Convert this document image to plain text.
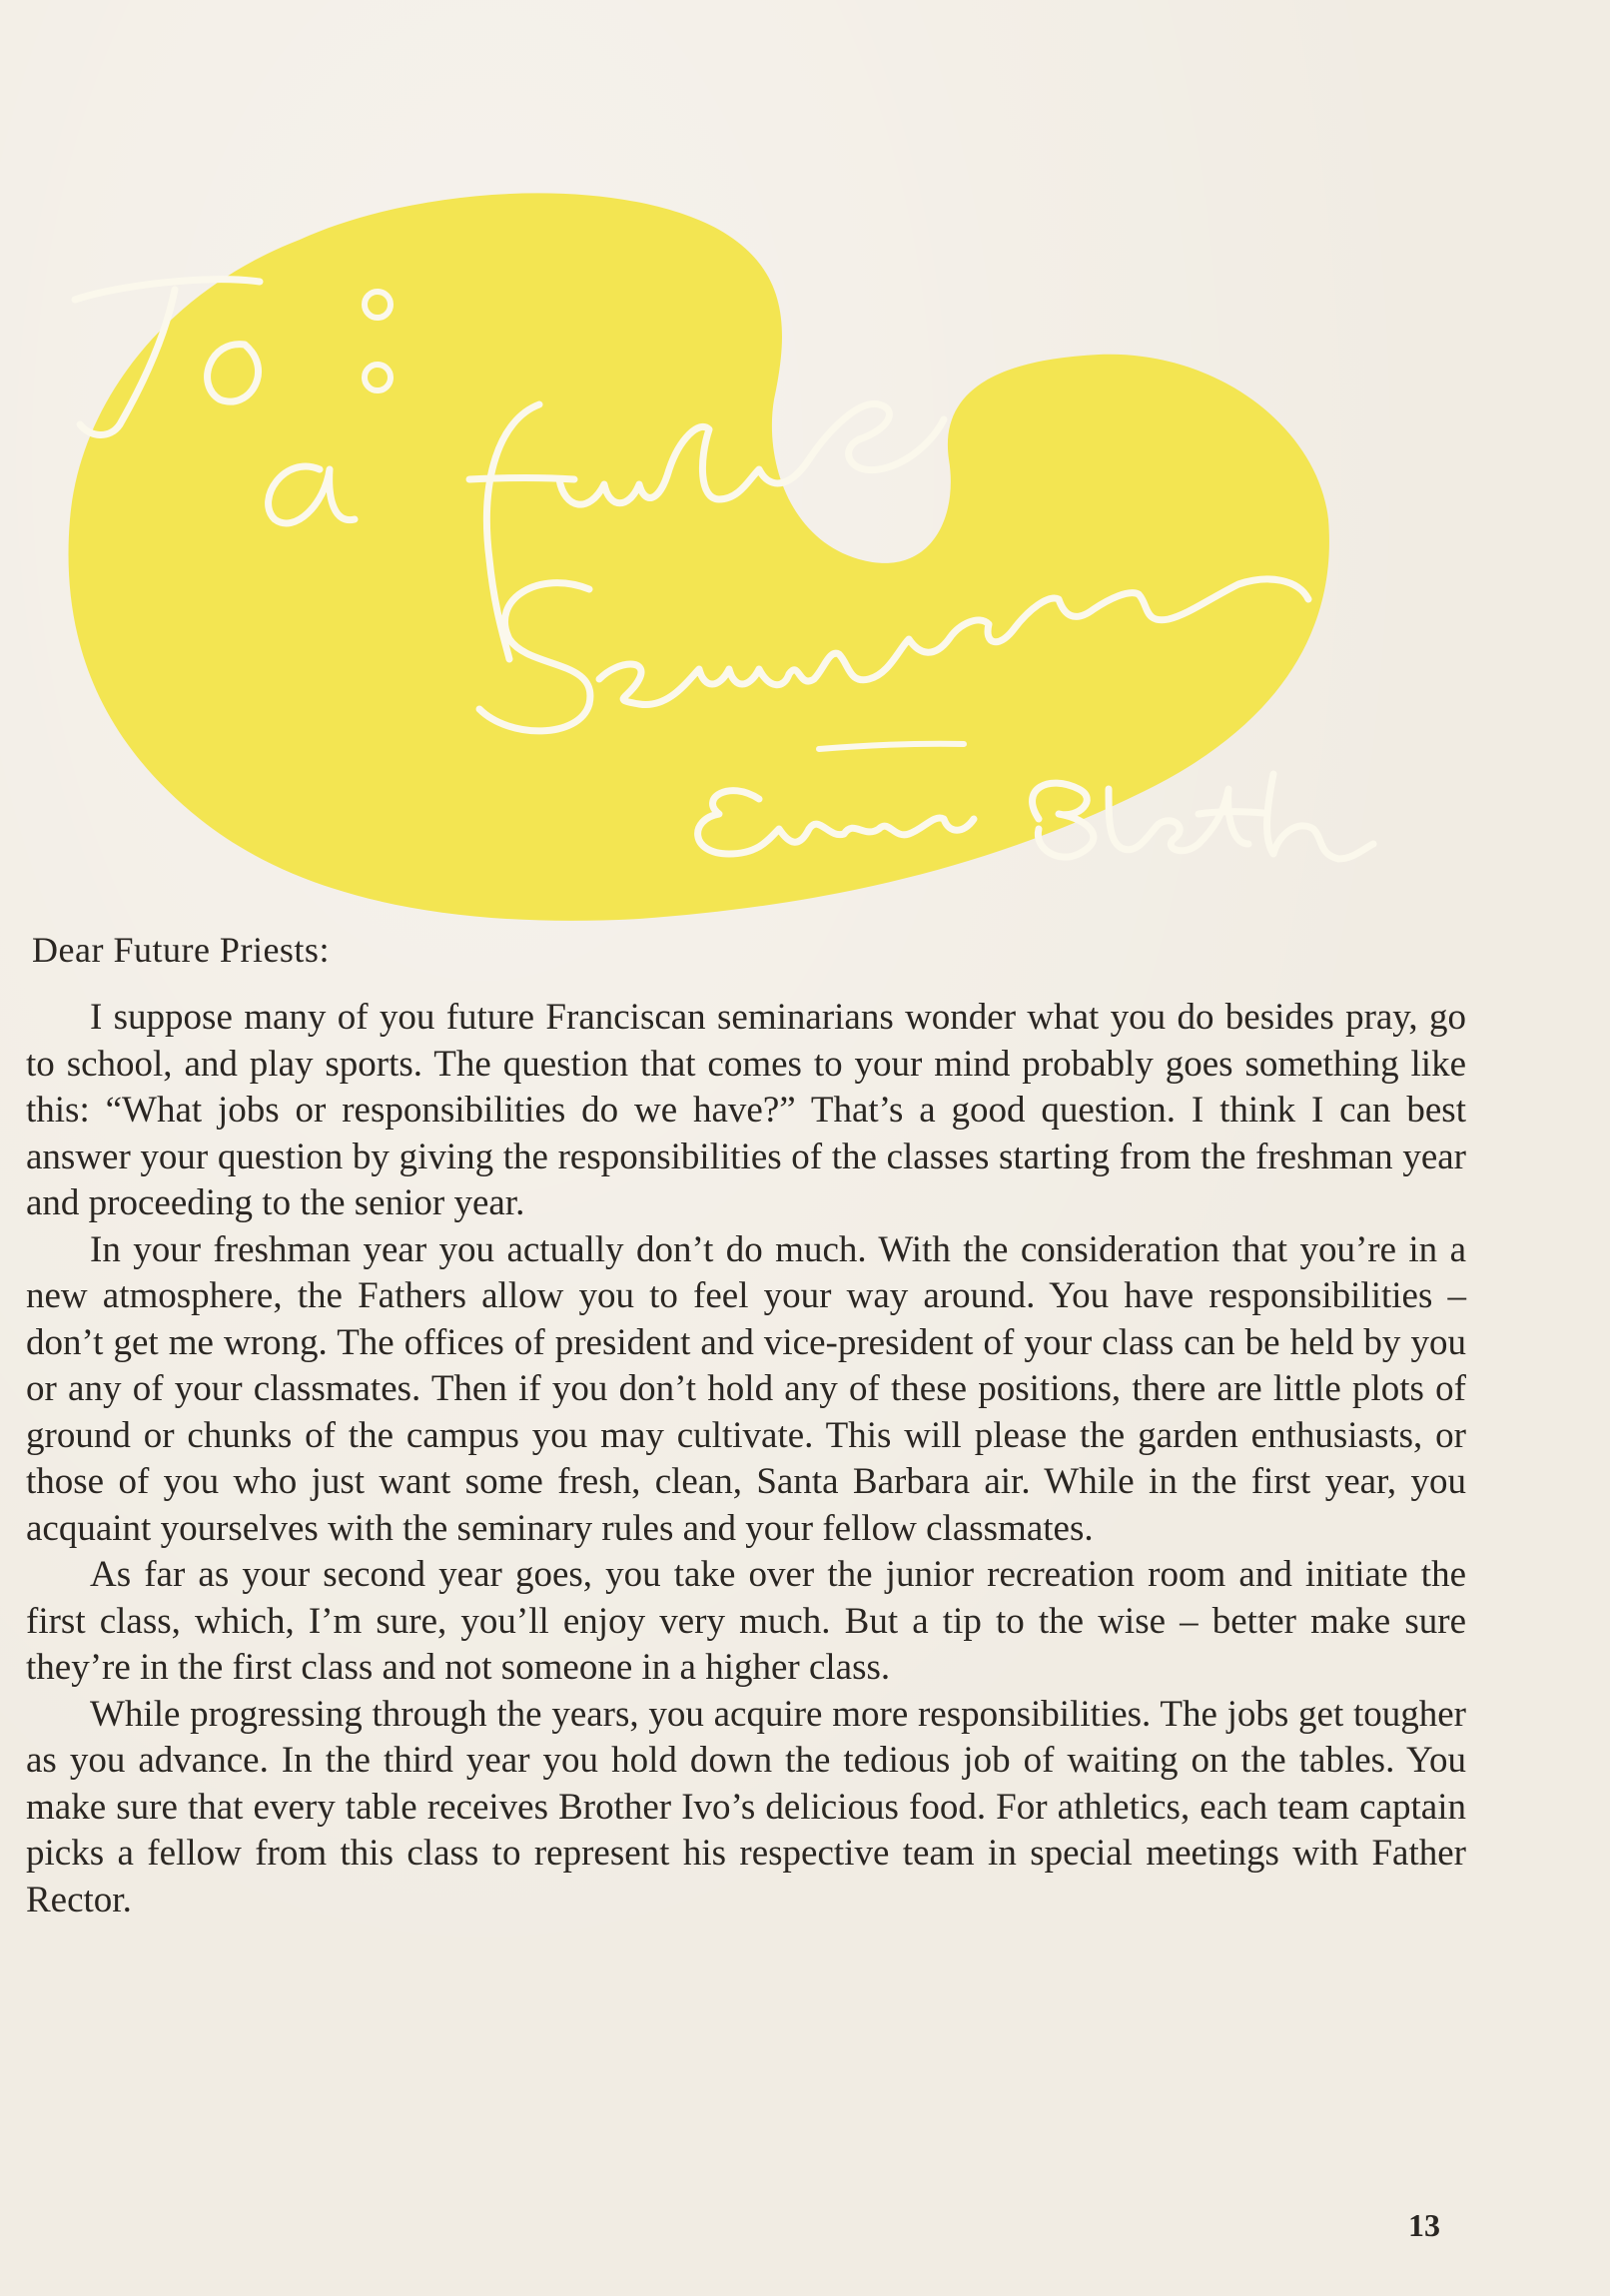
Dear Future Priests:

I suppose many of you future Franciscan seminarians wonder what you do besides pray, go to school, and play sports. The question that comes to your mind probably goes something like this: “What jobs or responsibilities do we have?” That’s a good question. I think I can best answer your question by giving the responsibilities of the classes starting from the freshman year and proceeding to the senior year.

In your freshman year you actually don’t do much. With the consideration that you’re in a new atmosphere, the Fathers allow you to feel your way around. You have responsibilities – don’t get me wrong. The offices of president and vice-president of your class can be held by you or any of your classmates. Then if you don’t hold any of these positions, there are little plots of ground or chunks of the campus you may cultivate. This will please the garden enthusiasts, or those of you who just want some fresh, clean, Santa Barbara air. While in the first year, you acquaint yourselves with the seminary rules and your fellow classmates.

As far as your second year goes, you take over the junior recreation room and initiate the first class, which, I’m sure, you’ll enjoy very much. But a tip to the wise – better make sure they’re in the first class and not someone in a higher class.

While progressing through the years, you acquire more responsibilities. The jobs get tougher as you advance. In the third year you hold down the tedious job of waiting on the tables. You make sure that every table receives Brother Ivo’s delicious food. For athletics, each team captain picks a fellow from this class to represent his respective team in special meetings with Father Rector.

13
